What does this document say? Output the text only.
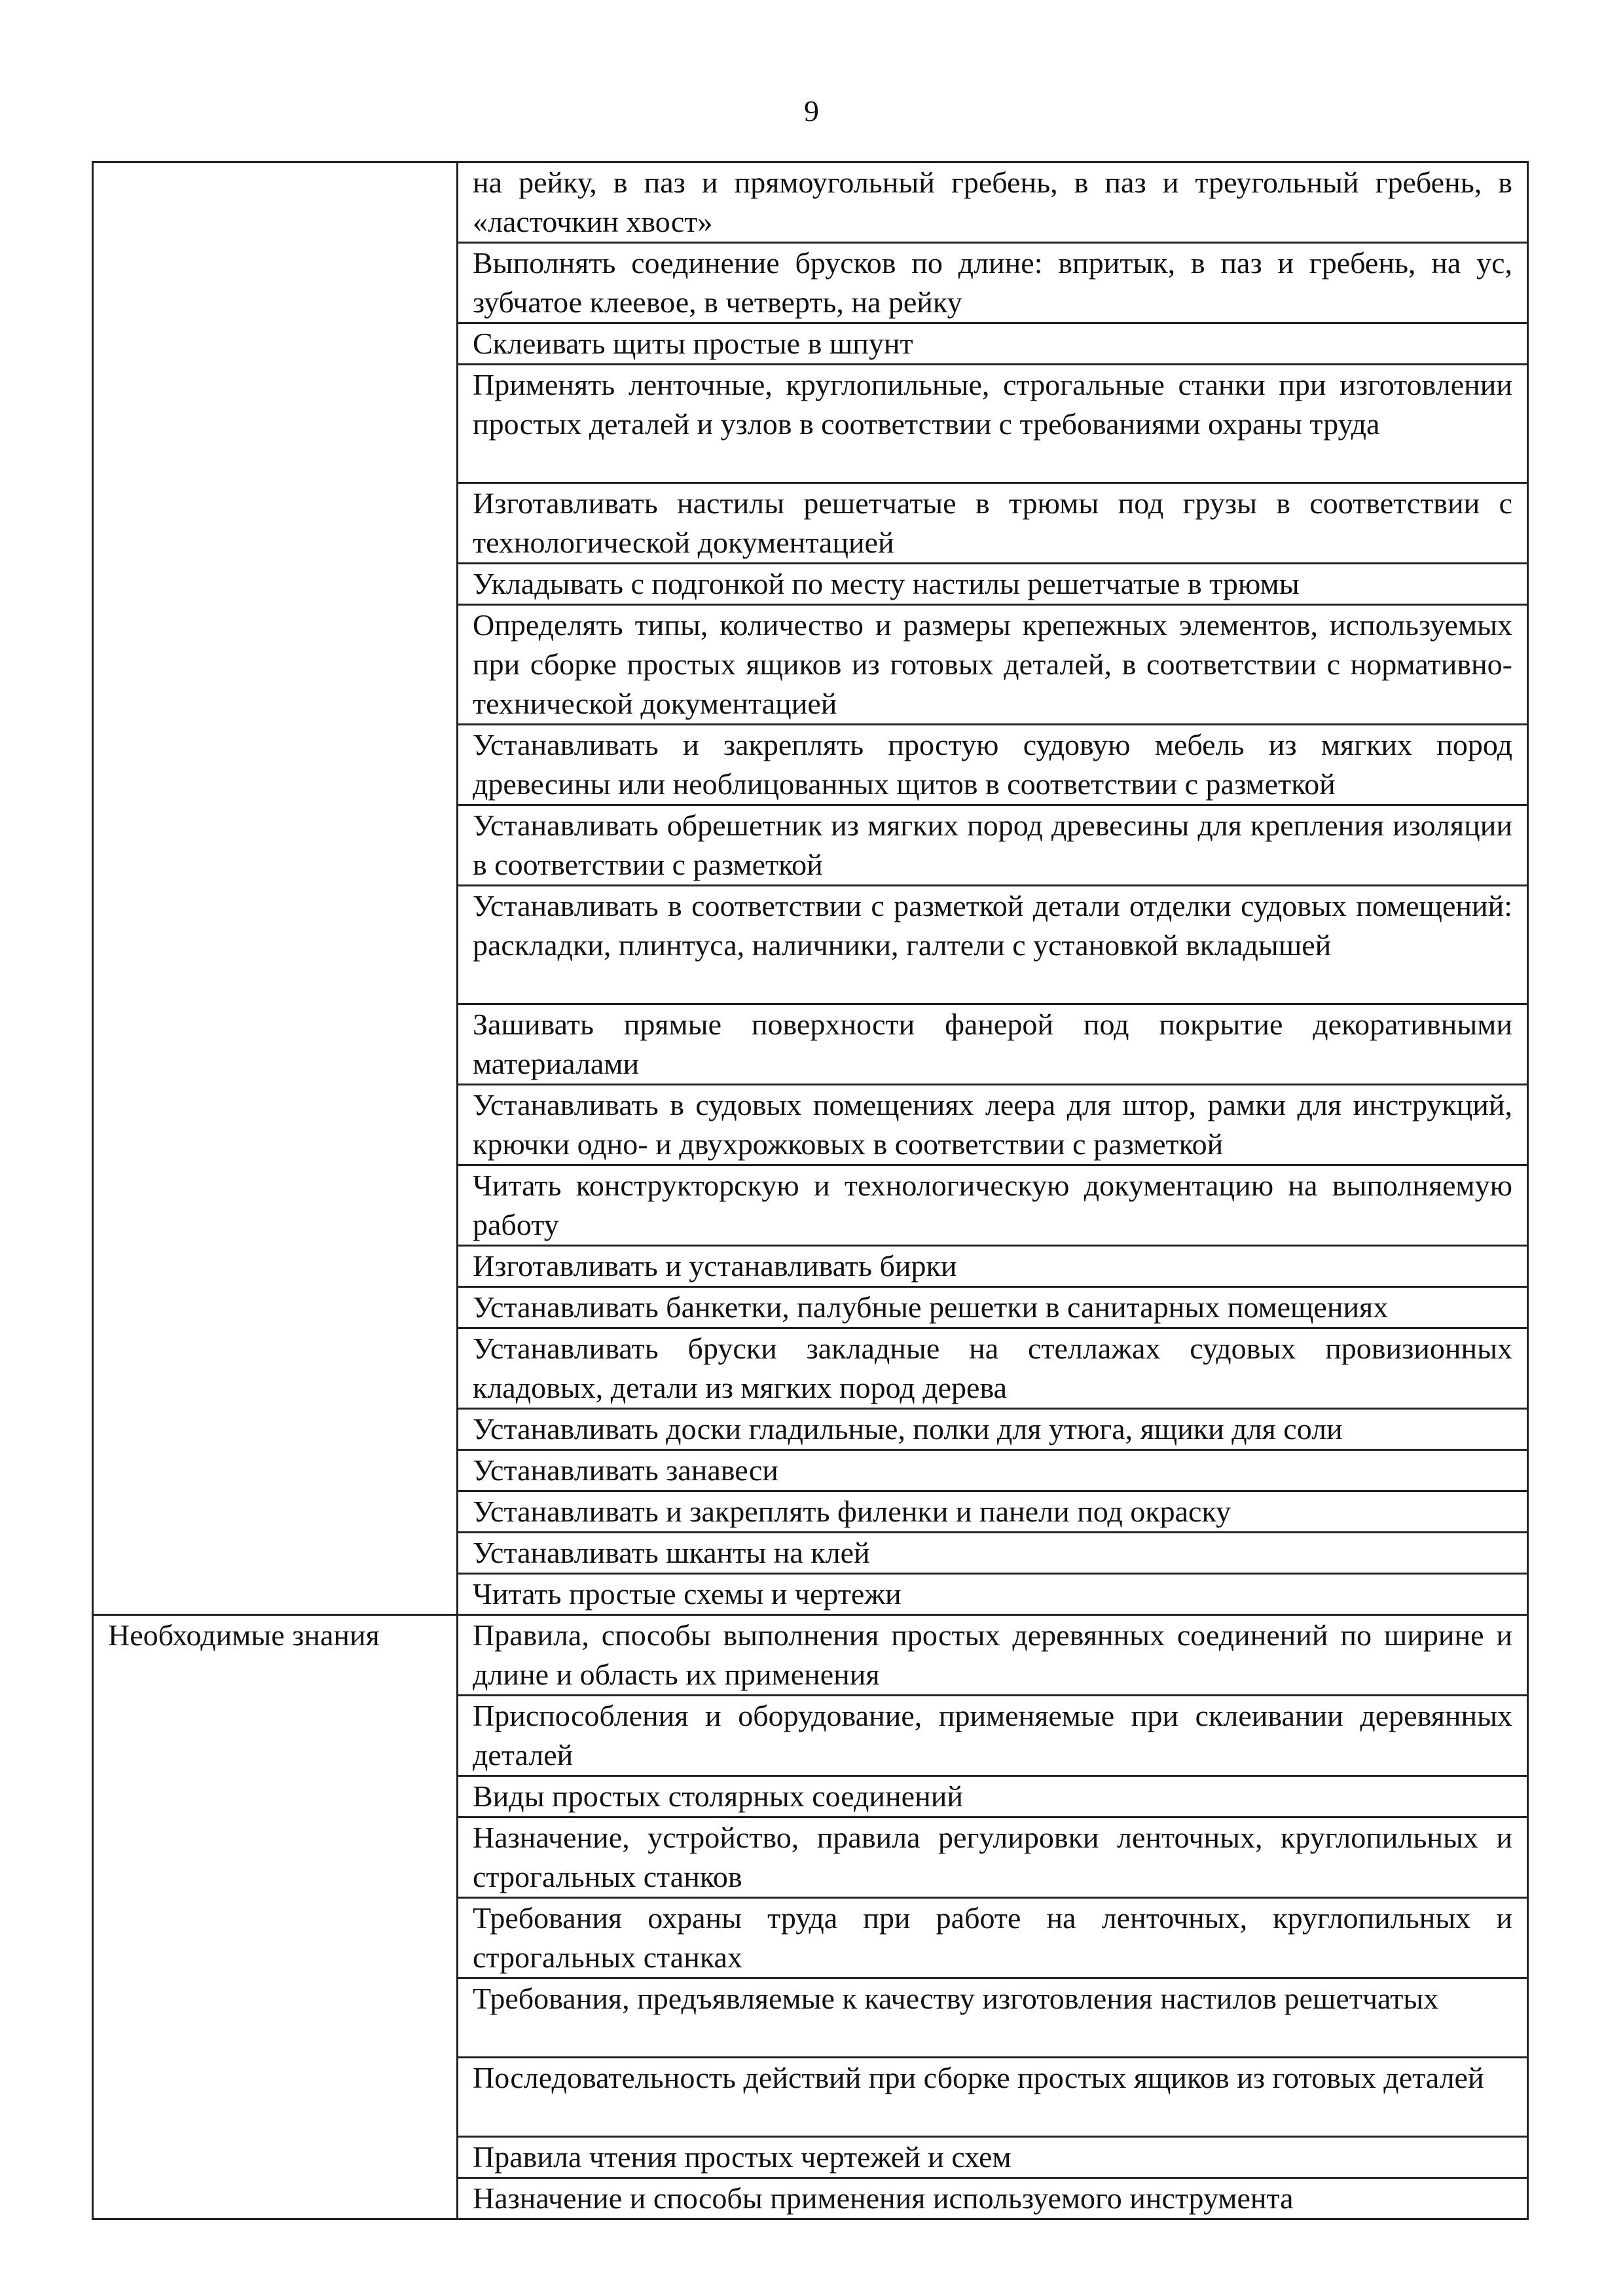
9
	на рейку, в паз и прямоугольный гребень, в паз и треугольный гребень, в «ласточкин хвост»
	Выполнять соединение брусков по длине: впритык, в паз и гребень, на ус, зубчатое клеевое, в четверть, на рейку
	Склеивать щиты простые в шпунт
	Применять ленточные, круглопильные, строгальные станки при изготовлении простых деталей и узлов в соответствии с требованиями охраны труда
	Изготавливать настилы решетчатые в трюмы под грузы в соответствии с технологической документацией
	Укладывать с подгонкой по месту настилы решетчатые в трюмы
	Определять типы, количество и размеры крепежных элементов, используемых при сборке простых ящиков из готовых деталей, в соответствии с нормативно-технической документацией
	Устанавливать и закреплять простую судовую мебель из мягких пород древесины или необлицованных щитов в соответствии с разметкой
	Устанавливать обрешетник из мягких пород древесины для крепления изоляции в соответствии с разметкой
	Устанавливать в соответствии с разметкой детали отделки судовых помещений: раскладки, плинтуса, наличники, галтели с установкой вкладышей
	Зашивать прямые поверхности фанерой под покрытие декоративными материалами
	Устанавливать в судовых помещениях леера для штор, рамки для инструкций, крючки одно- и двухрожковых в соответствии с разметкой
	Читать конструкторскую и технологическую документацию на выполняемую работу
	Изготавливать и устанавливать бирки
	Устанавливать банкетки, палубные решетки в санитарных помещениях
	Устанавливать бруски закладные на стеллажах судовых провизионных кладовых, детали из мягких пород дерева
	Устанавливать доски гладильные, полки для утюга, ящики для соли
	Устанавливать занавеси
	Устанавливать и закреплять филенки и панели под окраску
	Устанавливать шканты на клей
	Читать простые схемы и чертежи
Необходимые знания	Правила, способы выполнения простых деревянных соединений по ширине и длине и область их применения
	Приспособления и оборудование, применяемые при склеивании деревянных деталей
	Виды простых столярных соединений
	Назначение, устройство, правила регулировки ленточных, круглопильных и строгальных станков
	Требования охраны труда при работе на ленточных, круглопильных и строгальных станках
	Требования, предъявляемые к качеству изготовления настилов решетчатых
	Последовательность действий при сборке простых ящиков из готовых деталей
	Правила чтения простых чертежей и схем
	Назначение и способы применения используемого инструмента
